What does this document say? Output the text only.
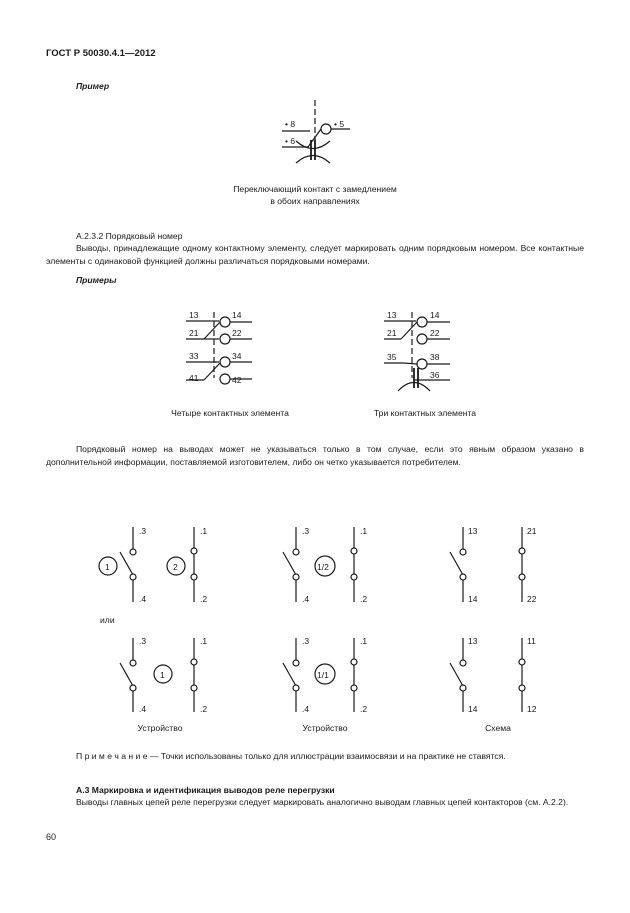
ГОСТ Р 50030.4.1—2012
Пример
• 8	• 5
• 6
Переключающий контакт с замедлением
в обоих направлениях
А.2.3.2 Порядковый номер
Выводы, принадлежащие одному контактному элементу, следует маркировать одним порядковым номером. Все контактные элементы с одинаковой функцией должны различаться порядковыми номерами.
Примеры
13	14
21	22
33	34
41	42
13	14
21	22
35	38
36
Четыре контактных элемента	Три контактных элемента
Порядковый номер на выводах может не указываться только в том случае, если это явным образом указано в дополнительной информации, поставляемой изготовителем, либо он четко указывается потребителем.
1
.3
.4
2
.1
.2
1/2
.3
.4
.1
.2
13
14
21
22
или
1
.3
.4
.1
.2
1/1
.3
.4
.1
.2
13
14
11
12
Устройство	Устройство	Схема
П р и м е ч а н и е — Точки использованы только для иллюстрации взаимосвязи и на практике не ставятся.
А.3 Маркировка и идентификация выводов реле перегрузки
Выводы главных цепей реле перегрузки следует маркировать аналогично выводам главных цепей контакторов (см. А.2.2).
60
